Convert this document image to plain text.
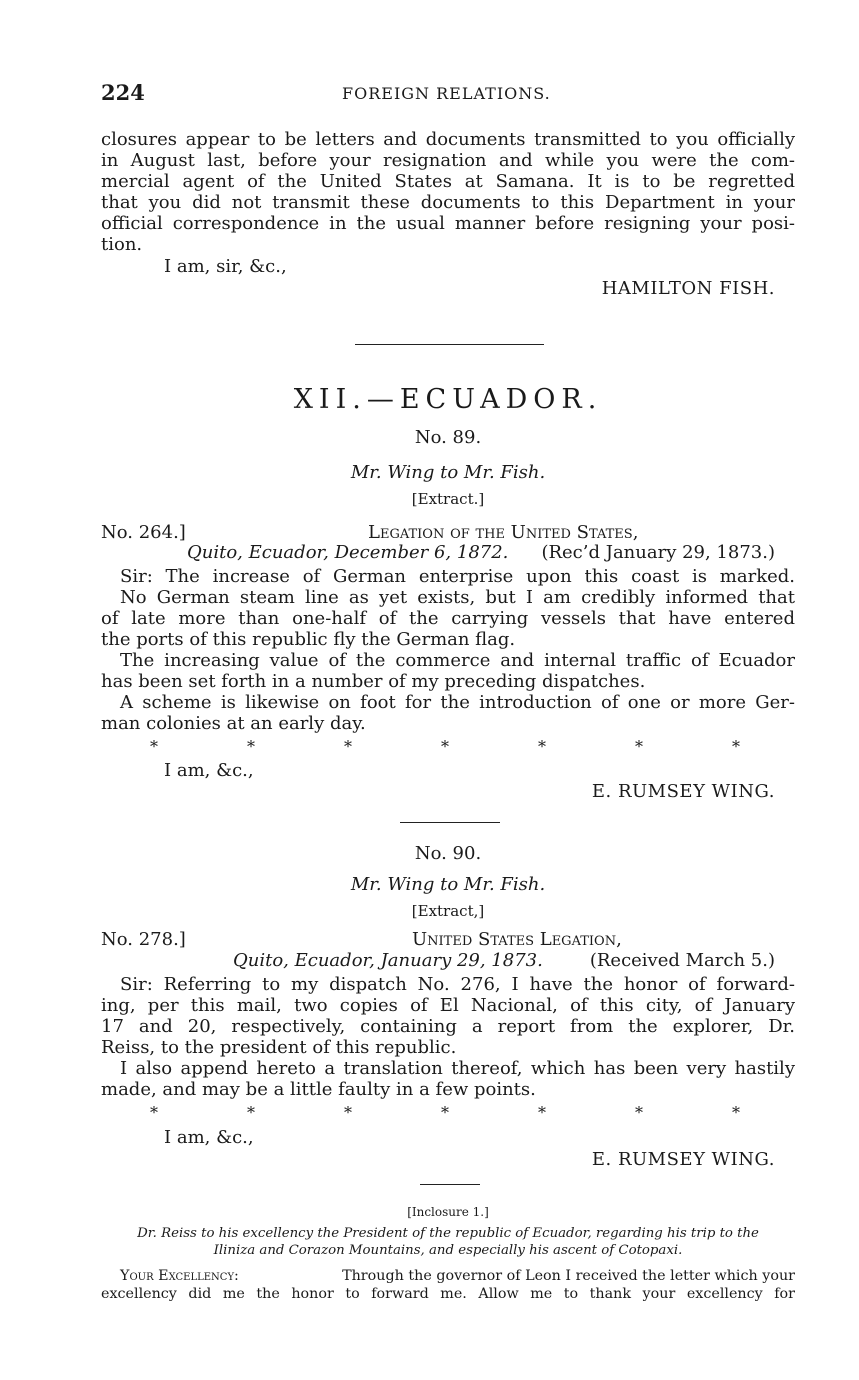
224	FOREIGN RELATIONS.
closures appear to be letters and documents transmitted to you officially
in August last, before your resignation and while you were the com-
mercial agent of the United States at Samana. It is to be regretted
that you did not transmit these documents to this Department in your
official correspondence in the usual manner before resigning your posi-
tion.
I am, sir, &c.,
HAMILTON FISH.
XII.—ECUADOR.
No. 89.
Mr. Wing to Mr. Fish.
[Extract.]
No. 264.]	Legation of the United States,
Quito, Ecuador, December 6, 1872. (Rec’d January 29, 1873.)
Sir: The increase of German enterprise upon this coast is marked.
No German steam line as yet exists, but I am credibly informed that
of late more than one-half of the carrying vessels that have entered
the ports of this republic fly the German flag.
The increasing value of the commerce and internal traffic of Ecuador
has been set forth in a number of my preceding dispatches.
A scheme is likewise on foot for the introduction of one or more Ger-
man colonies at an early day.
*	*	*	*	*	*	*
I am, &c.,
E. RUMSEY WING.
No. 90.
Mr. Wing to Mr. Fish.
[Extract,]
No. 278.]	United States Legation,
Quito, Ecuador, January 29, 1873.	(Received March 5.)
Sir: Referring to my dispatch No. 276, I have the honor of forward-
ing, per this mail, two copies of El Nacional, of this city, of January
17 and 20, respectively, containing a report from the explorer, Dr.
Reiss, to the president of this republic.
I also append hereto a translation thereof, which has been very hastily
made, and may be a little faulty in a few points.
*	*	*	*	*	*	*
I am, &c.,
E. RUMSEY WING.
[Inclosure 1.]
Dr. Reiss to his excellency the President of the republic of Ecuador, regarding his trip to the
Iliniza and Corazon Mountains, and especially his ascent of Cotopaxi.
Your Excellency:	Through the governor of Leon I received the letter which your
excellency did me the honor to forward me. Allow me to thank your excellency for
